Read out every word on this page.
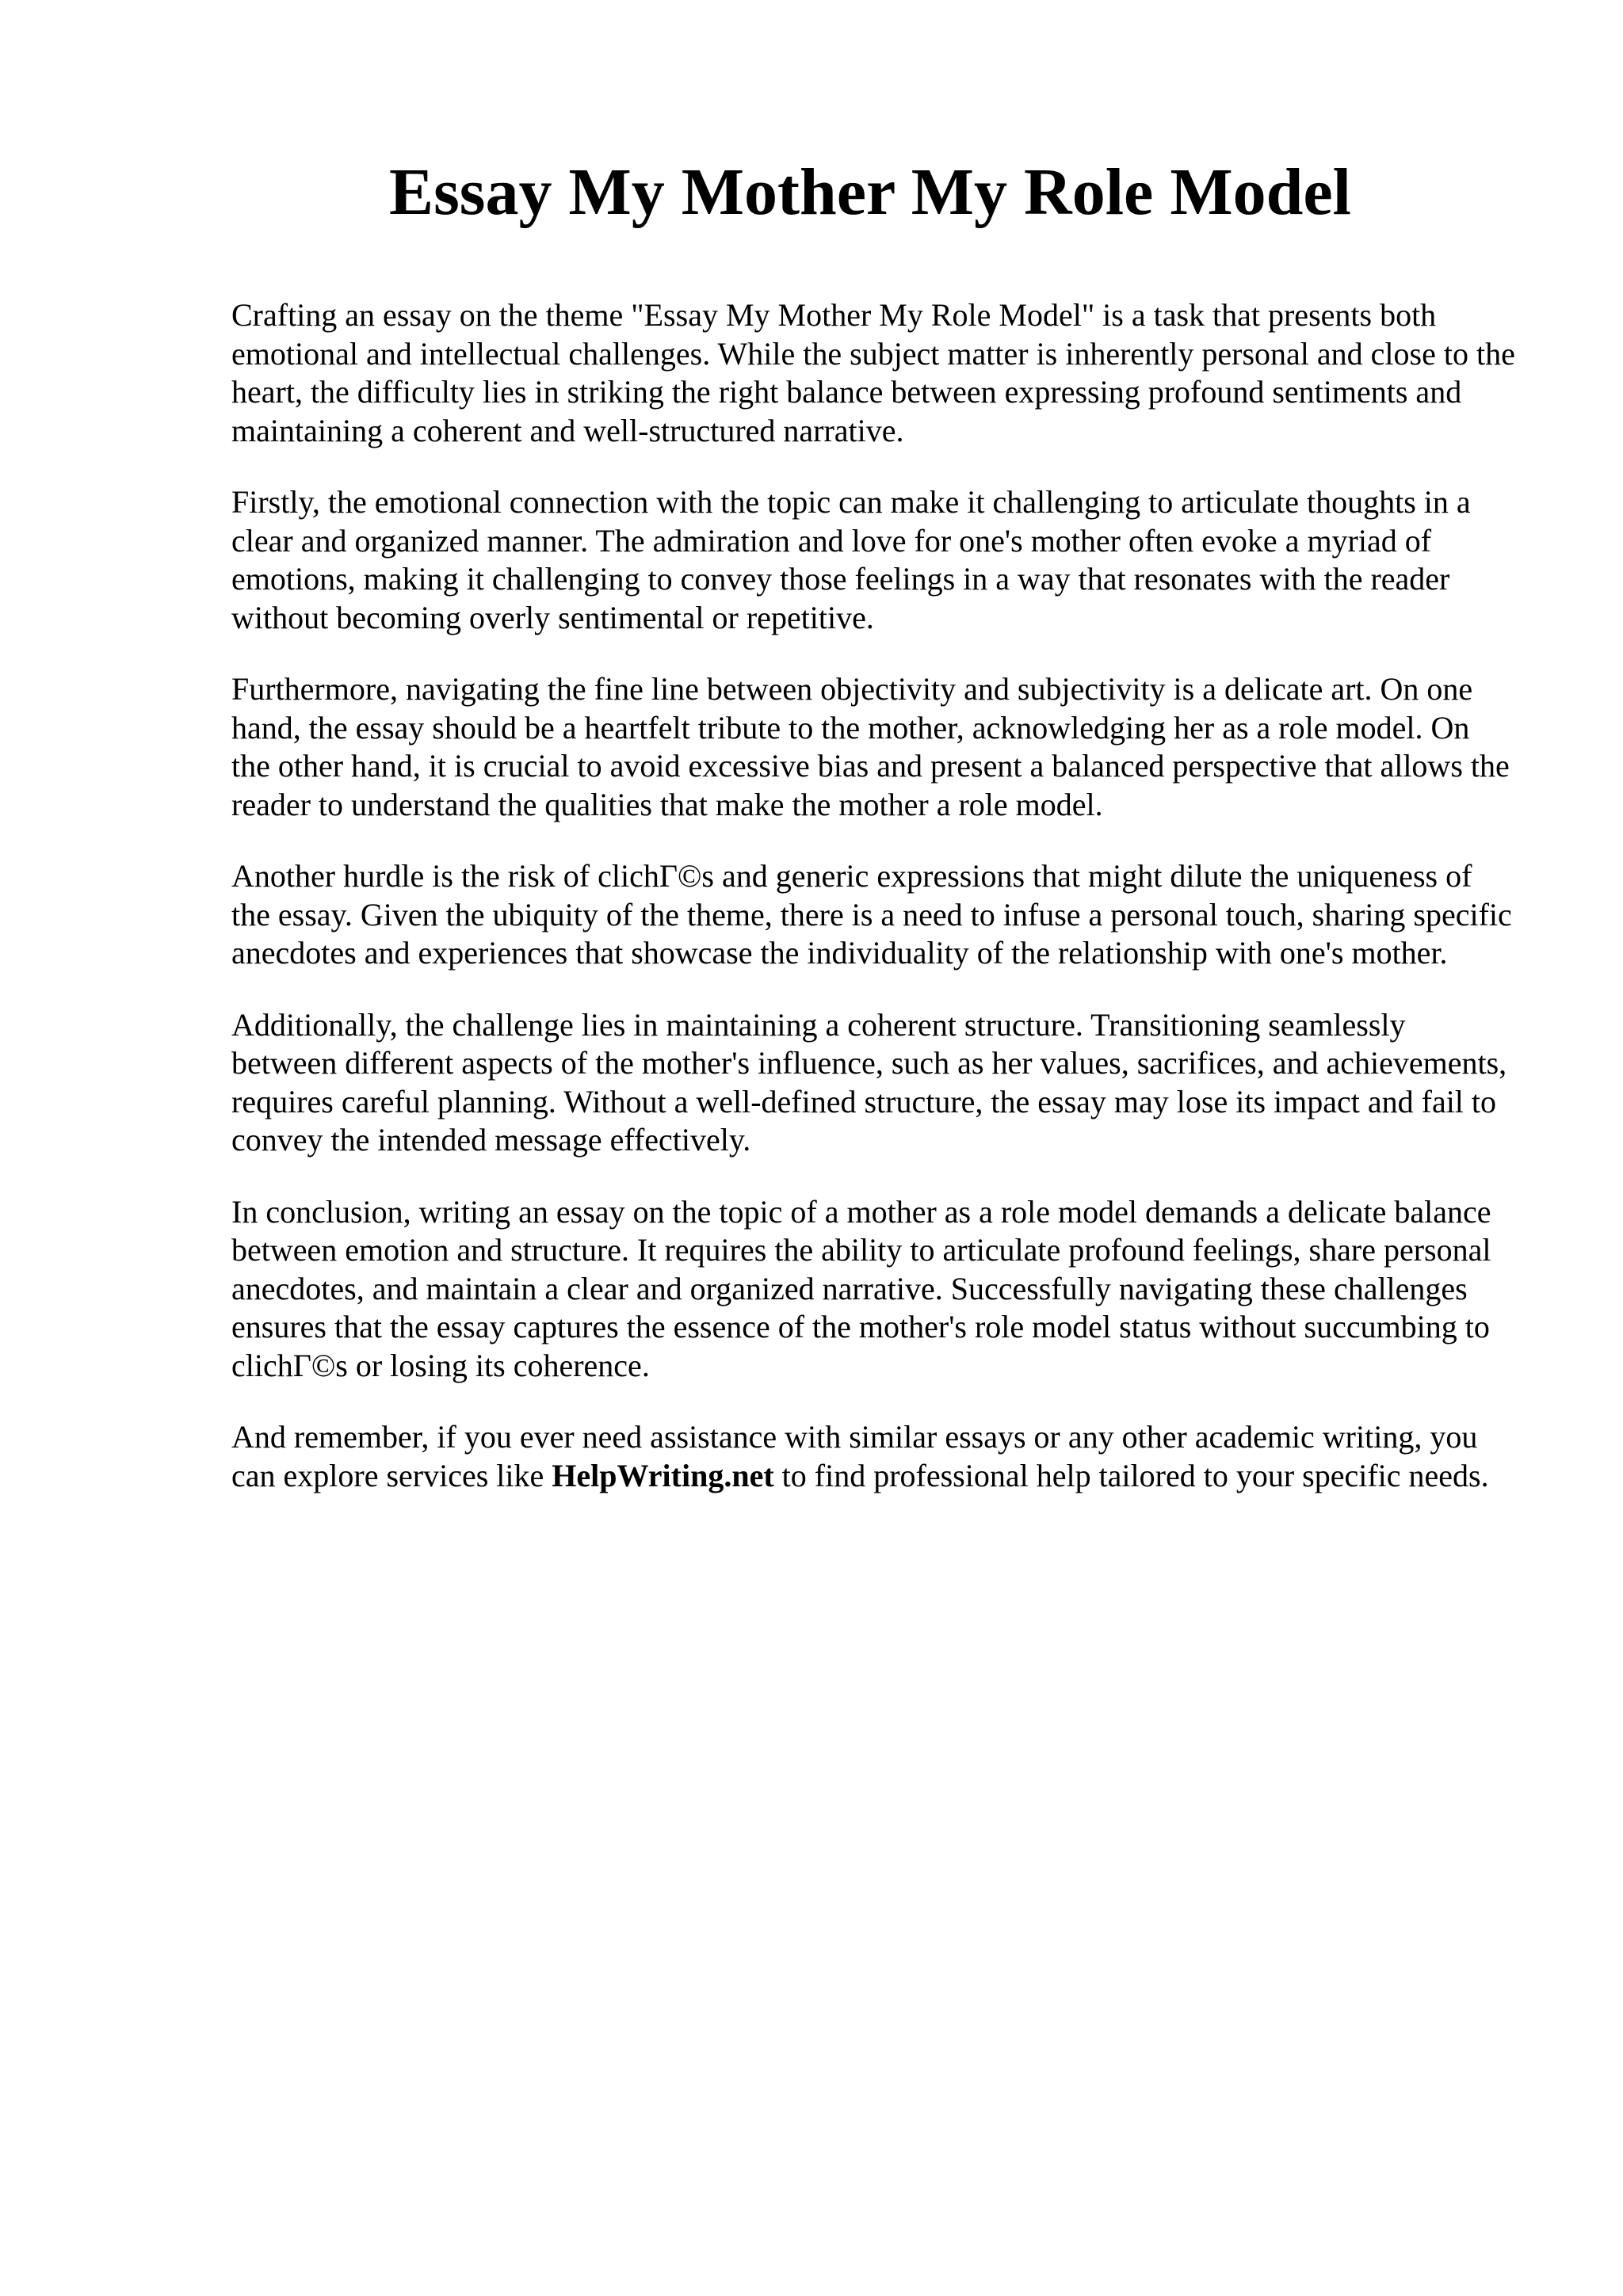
Essay My Mother My Role Model

Crafting an essay on the theme "Essay My Mother My Role Model" is a task that presents both emotional and intellectual challenges. While the subject matter is inherently personal and close to the heart, the difficulty lies in striking the right balance between expressing profound sentiments and maintaining a coherent and well-structured narrative.

Firstly, the emotional connection with the topic can make it challenging to articulate thoughts in a clear and organized manner. The admiration and love for one's mother often evoke a myriad of emotions, making it challenging to convey those feelings in a way that resonates with the reader without becoming overly sentimental or repetitive.

Furthermore, navigating the fine line between objectivity and subjectivity is a delicate art. On one hand, the essay should be a heartfelt tribute to the mother, acknowledging her as a role model. On the other hand, it is crucial to avoid excessive bias and present a balanced perspective that allows the reader to understand the qualities that make the mother a role model.

Another hurdle is the risk of clichГ©s and generic expressions that might dilute the uniqueness of the essay. Given the ubiquity of the theme, there is a need to infuse a personal touch, sharing specific anecdotes and experiences that showcase the individuality of the relationship with one's mother.

Additionally, the challenge lies in maintaining a coherent structure. Transitioning seamlessly between different aspects of the mother's influence, such as her values, sacrifices, and achievements, requires careful planning. Without a well-defined structure, the essay may lose its impact and fail to convey the intended message effectively.

In conclusion, writing an essay on the topic of a mother as a role model demands a delicate balance between emotion and structure. It requires the ability to articulate profound feelings, share personal anecdotes, and maintain a clear and organized narrative. Successfully navigating these challenges ensures that the essay captures the essence of the mother's role model status without succumbing to clichГ©s or losing its coherence.

And remember, if you ever need assistance with similar essays or any other academic writing, you can explore services like HelpWriting.net to find professional help tailored to your specific needs.
